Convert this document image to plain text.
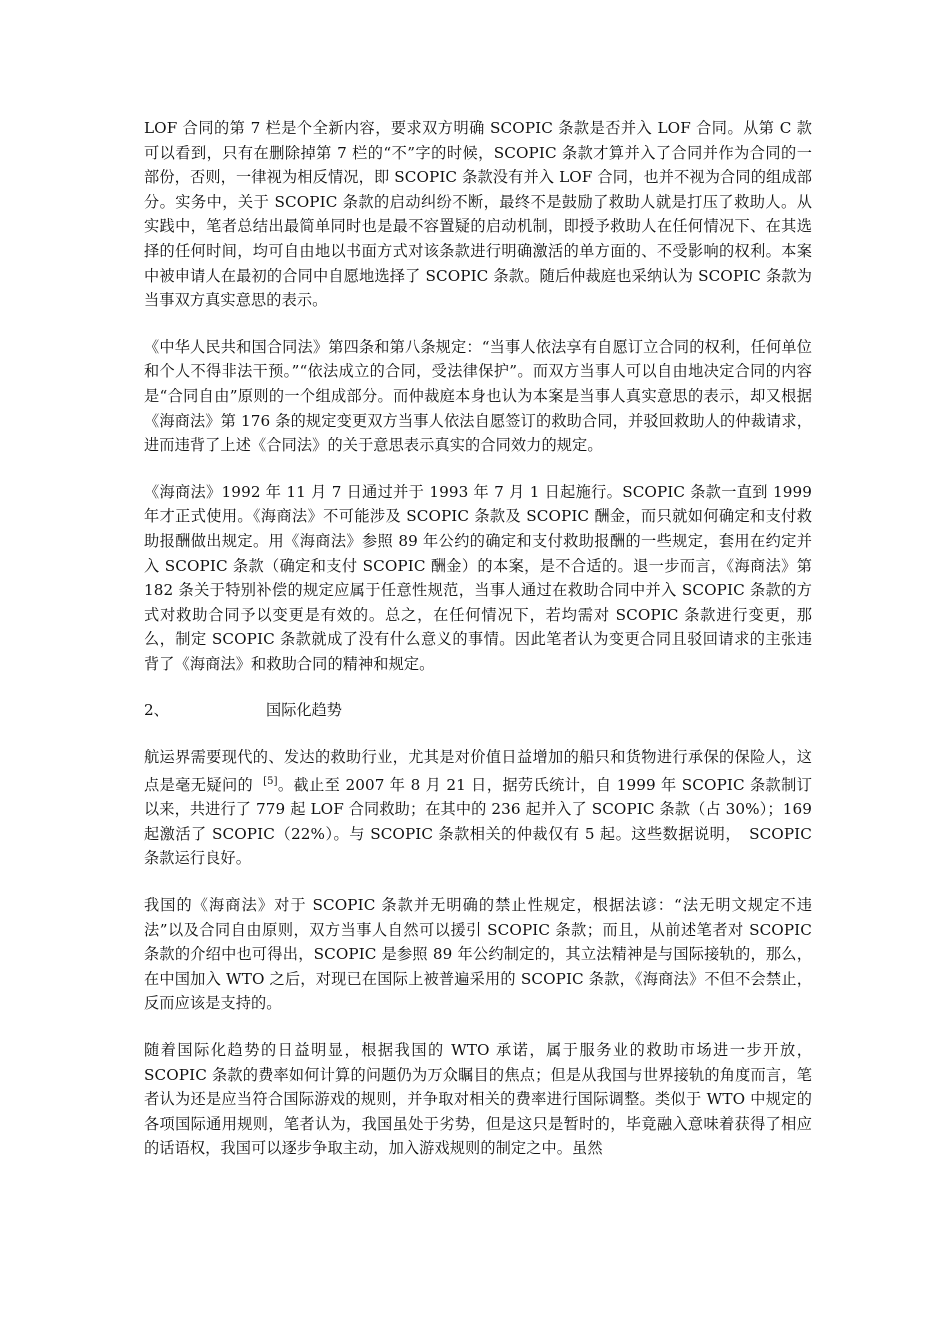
LOF 合同的第 7 栏是个全新内容，要求双方明确 SCOPIC 条款是否并入 LOF 合同。从第 C 款可以看到，只有在删除掉第 7 栏的“不”字的时候，SCOPIC 条款才算并入了合同并作为合同的一部份，否则，一律视为相反情况，即 SCOPIC 条款没有并入 LOF 合同，也并不视为合同的组成部分。实务中，关于 SCOPIC 条款的启动纠纷不断，最终不是鼓励了救助人就是打压了救助人。从实践中，笔者总结出最简单同时也是最不容置疑的启动机制，即授予救助人在任何情况下、在其选择的任何时间，均可自由地以书面方式对该条款进行明确激活的单方面的、不受影响的权利。本案中被申请人在最初的合同中自愿地选择了 SCOPIC 条款。随后仲裁庭也采纳认为 SCOPIC 条款为当事双方真实意思的表示。

《中华人民共和国合同法》第四条和第八条规定：“当事人依法享有自愿订立合同的权利，任何单位和个人不得非法干预。”“依法成立的合同，受法律保护”。而双方当事人可以自由地决定合同的内容是“合同自由”原则的一个组成部分。而仲裁庭本身也认为本案是当事人真实意思的表示，却又根据《海商法》第 176 条的规定变更双方当事人依法自愿签订的救助合同，并驳回救助人的仲裁请求，进而违背了上述《合同法》的关于意思表示真实的合同效力的规定。

《海商法》1992 年 11 月 7 日通过并于 1993 年 7 月 1 日起施行。SCOPIC 条款一直到 1999 年才正式使用。《海商法》不可能涉及 SCOPIC 条款及 SCOPIC 酬金，而只就如何确定和支付救助报酬做出规定。用《海商法》参照 89 年公约的确定和支付救助报酬的一些规定，套用在约定并入 SCOPIC 条款（确定和支付 SCOPIC 酬金）的本案，是不合适的。退一步而言，《海商法》第 182 条关于特别补偿的规定应属于任意性规范，当事人通过在救助合同中并入 SCOPIC 条款的方式对救助合同予以变更是有效的。总之，在任何情况下，若均需对 SCOPIC 条款进行变更，那么，制定 SCOPIC 条款就成了没有什么意义的事情。因此笔者认为变更合同且驳回请求的主张违背了《海商法》和救助合同的精神和规定。

2、	国际化趋势

航运界需要现代的、发达的救助行业，尤其是对价值日益增加的船只和货物进行承保的保险人，这点是毫无疑问的 [5]。截止至 2007 年 8 月 21 日，据劳氏统计，自 1999 年 SCOPIC 条款制订以来，共进行了 779 起 LOF 合同救助；在其中的 236 起并入了 SCOPIC 条款（占 30%）；169 起激活了 SCOPIC（22%）。与 SCOPIC 条款相关的仲裁仅有 5 起。这些数据说明，　SCOPIC 条款运行良好。

我国的《海商法》对于 SCOPIC 条款并无明确的禁止性规定，根据法谚：“法无明文规定不违法”以及合同自由原则，双方当事人自然可以援引 SCOPIC 条款；而且，从前述笔者对 SCOPIC 条款的介绍中也可得出，SCOPIC 是参照 89 年公约制定的，其立法精神是与国际接轨的，那么，在中国加入 WTO 之后，对现已在国际上被普遍采用的 SCOPIC 条款，《海商法》不但不会禁止，反而应该是支持的。

随着国际化趋势的日益明显，根据我国的 WTO 承诺，属于服务业的救助市场进一步开放，SCOPIC 条款的费率如何计算的问题仍为万众瞩目的焦点；但是从我国与世界接轨的角度而言，笔者认为还是应当符合国际游戏的规则，并争取对相关的费率进行国际调整。类似于 WTO 中规定的各项国际通用规则，笔者认为，我国虽处于劣势，但是这只是暂时的，毕竟融入意味着获得了相应的话语权，我国可以逐步争取主动，加入游戏规则的制定之中。虽然
